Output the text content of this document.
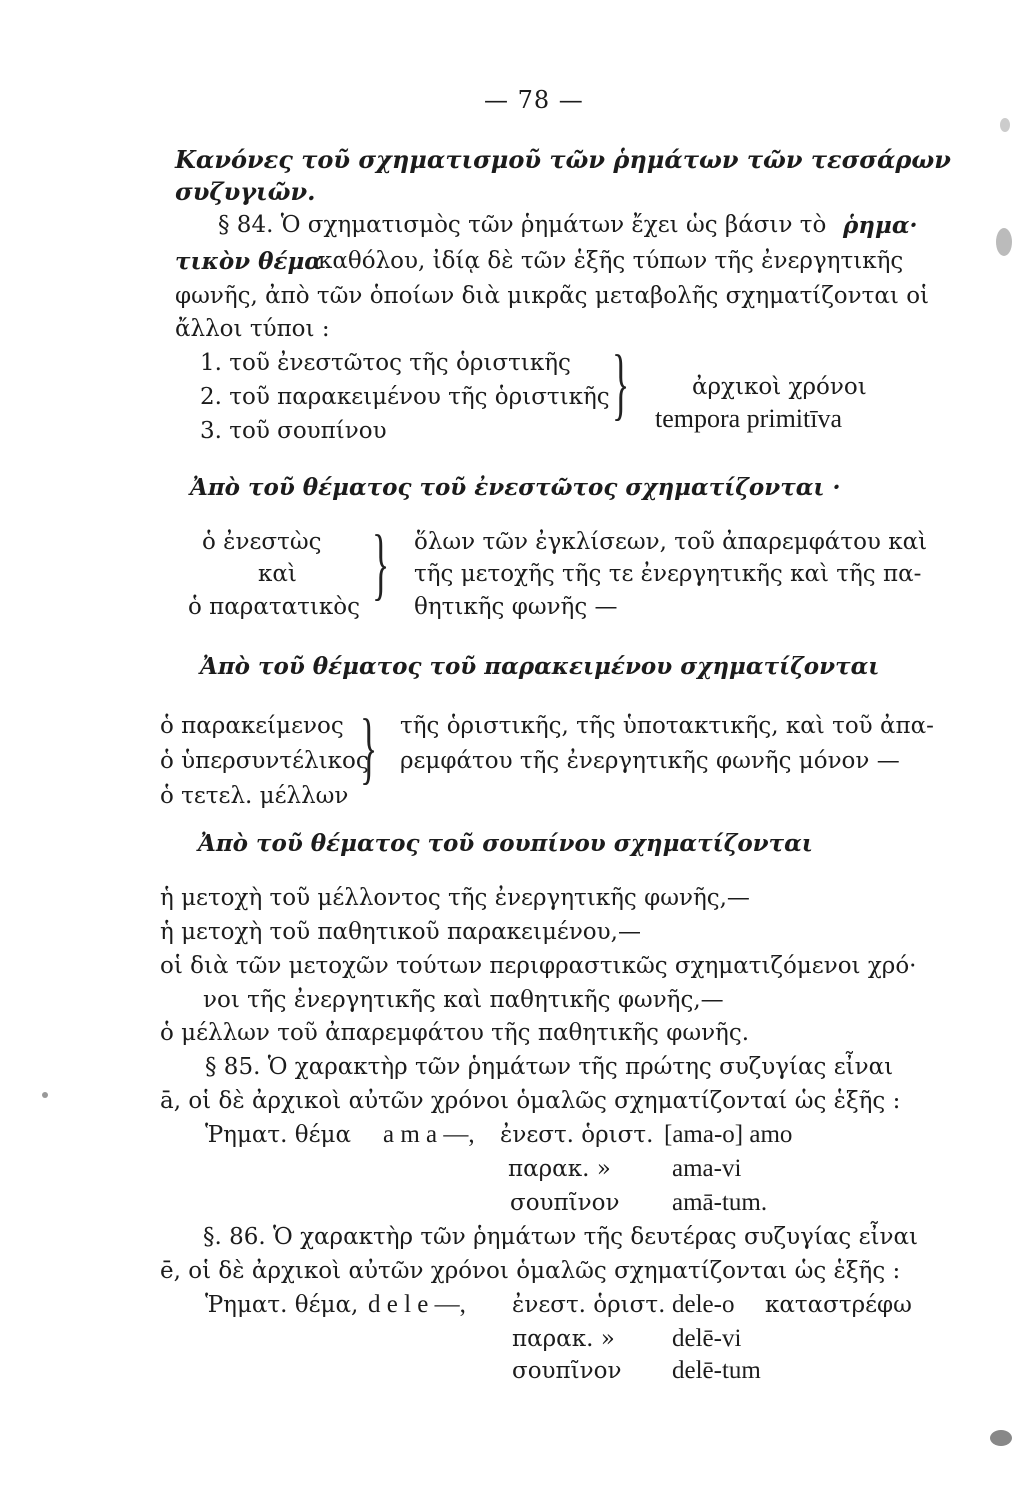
— 78 —
Κανόνες τοῦ σχηματισμοῦ τῶν ῥημάτων τῶν τεσσάρων
συζυγιῶν.
§ 84. Ὁ σχηματισμὸς τῶν ῥημάτων ἔχει ὡς βάσιν τὸ ῥημα·
τικὸν θέμα
καθόλου, ἰδίᾳ δὲ τῶν ἑξῆς τύπων τῆς ἐνεργητικῆς
φωνῆς, ἀπὸ τῶν ὁποίων διὰ μικρᾶς μεταβολῆς σχηματίζονται οἱ
ἄλλοι τύποι :
1. τοῦ ἐνεστῶτος τῆς ὁριστικῆς
2. τοῦ παρακειμένου τῆς ὁριστικῆς
3. τοῦ σουπίνου
}	ἀρχικοὶ χρόνοι
tempora primitīva
Ἀπὸ τοῦ θέματος τοῦ ἐνεστῶτος σχηματίζονται ·
ὁ ἐνεστὼς
καὶ
ὁ παρατατικὸς } ὅλων τῶν ἐγκλίσεων, τοῦ ἀπαρεμφάτου καὶ
τῆς μετοχῆς τῆς τε ἐνεργητικῆς καὶ τῆς πα-
θητικῆς φωνῆς —
Ἀπὸ τοῦ θέματος τοῦ παρακειμένου σχηματίζονται
ὁ παρακείμενος
ὁ ὑπερσυντέλικος
ὁ τετελ. μέλλων
} τῆς ὁριστικῆς, τῆς ὑποτακτικῆς, καὶ τοῦ ἀπα-
ρεμφάτου τῆς ἐνεργητικῆς φωνῆς μόνον —
Ἀπὸ τοῦ θέματος τοῦ σουπίνου σχηματίζονται
ἡ μετοχὴ τοῦ μέλλοντος τῆς ἐνεργητικῆς φωνῆς,—
ἡ μετοχὴ τοῦ παθητικοῦ παρακειμένου,—
οἱ διὰ τῶν μετοχῶν τούτων περιφραστικῶς σχηματιζόμενοι χρό·
νοι τῆς ἐνεργητικῆς καὶ παθητικῆς φωνῆς,—
ὁ μέλλων τοῦ ἀπαρεμφάτου τῆς παθητικῆς φωνῆς.
§ 85. Ὁ χαρακτὴρ τῶν ῥημάτων τῆς πρώτης συζυγίας εἶναι
ā, οἱ δὲ ἀρχικοὶ αὐτῶν χρόνοι ὁμαλῶς σχηματίζονταί ὡς ἑξῆς :
Ῥηματ. θέμα a m a —, ἐνεστ. ὁριστ. [ama-o] amo
παρακ. » ama-vi
σουπῖνον amā-tum.
§. 86. Ὁ χαρακτὴρ τῶν ῥημάτων τῆς δευτέρας συζυγίας εἶναι
ē, οἱ δὲ ἀρχικοὶ αὐτῶν χρόνοι ὁμαλῶς σχηματίζονται ὡς ἑξῆς :
Ῥηματ. θέμα, d e l e —, ἐνεστ. ὁριστ. dele-o καταστρέφω
παρακ. » delē-vi
σουπῖνον delē-tum
